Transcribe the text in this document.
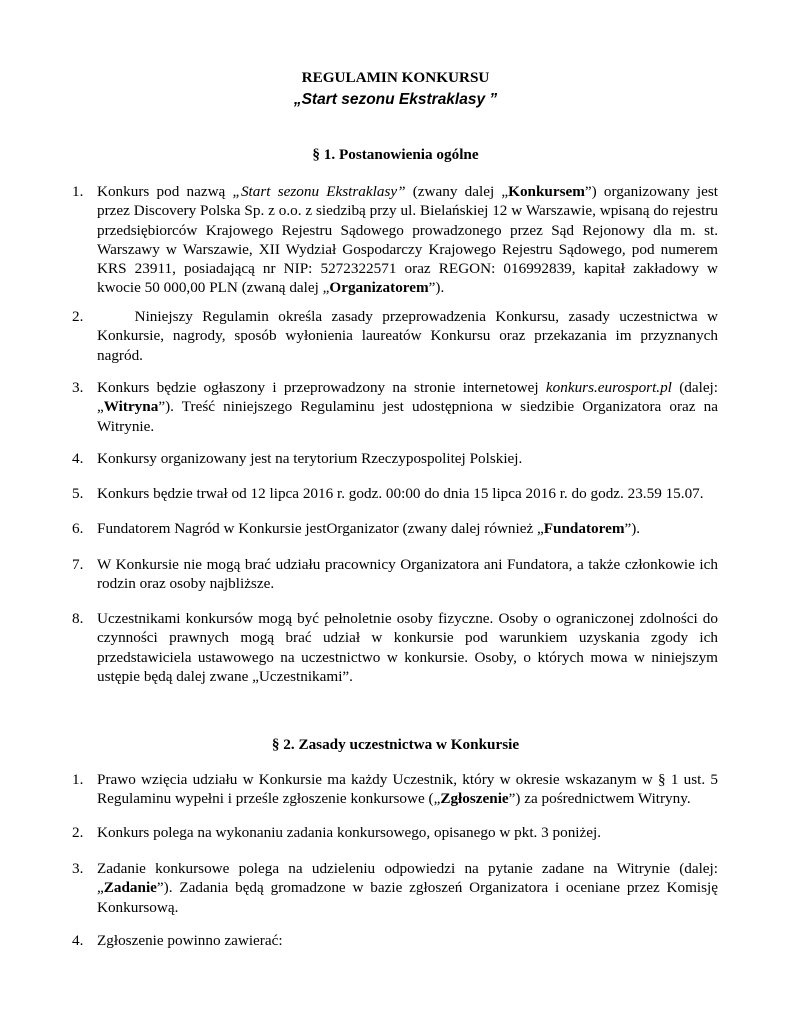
REGULAMIN KONKURSU
„Start sezonu Ekstraklasy ”
§ 1. Postanowienia ogólne
1. Konkurs pod nazwą „Start sezonu Ekstraklasy” (zwany dalej „Konkursem”) organizowany jest przez Discovery Polska Sp. z o.o. z siedzibą przy ul. Bielańskiej 12 w Warszawie, wpisaną do rejestru przedsiębiorców Krajowego Rejestru Sądowego prowadzonego przez Sąd Rejonowy dla m. st. Warszawy w Warszawie, XII Wydział Gospodarczy Krajowego Rejestru Sądowego, pod numerem KRS 23911, posiadającą nr NIP: 5272322571 oraz REGON: 016992839, kapitał zakładowy w kwocie 50 000,00 PLN (zwaną dalej „Organizatorem”).
2. Niniejszy Regulamin określa zasady przeprowadzenia Konkursu, zasady uczestnictwa w Konkursie, nagrody, sposób wyłonienia laureatów Konkursu oraz przekazania im przyznanych nagród.
3. Konkurs będzie ogłaszony i przeprowadzony na stronie internetowej konkurs.eurosport.pl (dalej: „Witryna”). Treść niniejszego Regulaminu jest udostępniona w siedzibie Organizatora oraz na Witrynie.
4. Konkursy organizowany jest na terytorium Rzeczypospolitej Polskiej.
5. Konkurs będzie trwał od 12 lipca 2016 r. godz. 00:00 do dnia 15 lipca 2016 r. do godz. 23.59 15.07.
6. Fundatorem Nagród w Konkursie jestOrganizator (zwany dalej również „Fundatorem”).
7. W Konkursie nie mogą brać udziału pracownicy Organizatora ani Fundatora, a także członkowie ich rodzin oraz osoby najbliższe.
8. Uczestnikami konkursów mogą być pełnoletnie osoby fizyczne. Osoby o ograniczonej zdolności do czynności prawnych mogą brać udział w konkursie pod warunkiem uzyskania zgody ich przedstawiciela ustawowego na uczestnictwo w konkursie. Osoby, o których mowa w niniejszym ustępie będą dalej zwane „Uczestnikami”.
§ 2. Zasady uczestnictwa w Konkursie
1. Prawo wzięcia udziału w Konkursie ma każdy Uczestnik, który w okresie wskazanym w § 1 ust. 5 Regulaminu wypełni i prześle zgłoszenie konkursowe („Zgłoszenie”) za pośrednictwem Witryny.
2. Konkurs polega na wykonaniu zadania konkursowego, opisanego w pkt. 3 poniżej.
3. Zadanie konkursowe polega na udzieleniu odpowiedzi na pytanie zadane na Witrynie (dalej: „Zadanie”). Zadania będą gromadzone w bazie zgłoszeń Organizatora i oceniane przez Komisję Konkursową.
4. Zgłoszenie powinno zawierać:
